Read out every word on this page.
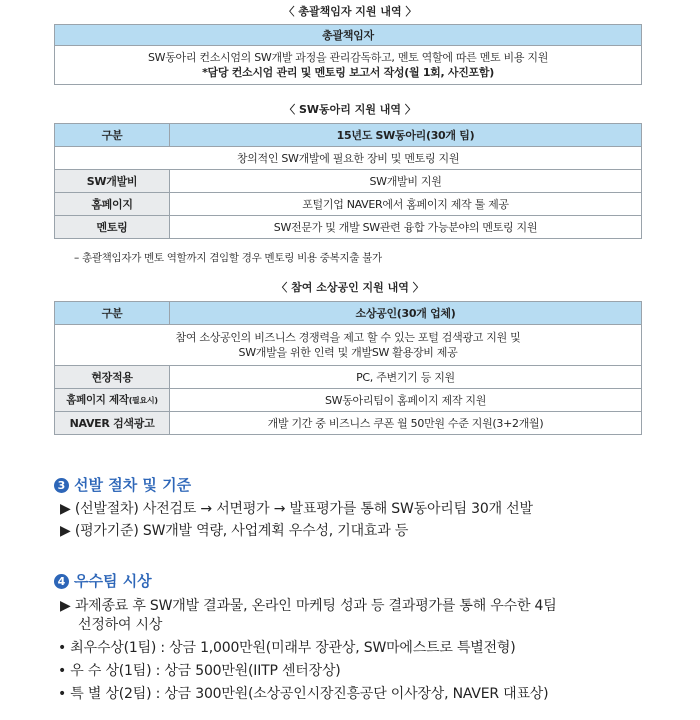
〈 총괄책임자 지원 내역 〉
총괄책임자

SW동아리 컨소시엄의 SW개발 과정을 관리감독하고, 멘토 역할에 따른 멘토 비용 지원
*담당 컨소시엄 관리 및 멘토링 보고서 작성(월 1회, 사진포함)
〈 SW동아리 지원 내역 〉
구분	15년도 SW동아리(30개 팀)
창의적인 SW개발에 필요한 장비 및 멘토링 지원	
SW개발비	SW개발비 지원
홈페이지	포털기업 NAVER에서 홈페이지 제작 툴 제공
멘토링	SW전문가 및 개발 SW관련 융합 가능분야의 멘토링 지원
– 총괄책임자가 멘토 역할까지 겸임할 경우 멘토링 비용 중복지출 불가
〈 참여 소상공인 지원 내역 〉
구분	소상공인(30개 업체)

참여 소상공인의 비즈니스 경쟁력을 제고 할 수 있는 포털 검색광고 지원 및
SW개발을 위한 인력 및 개발SW 활용장비 제공	

현장적용	PC, 주변기기 등 지원
홈페이지 제작(필요시)	SW동아리팀이 홈페이지 제작 지원
NAVER 검색광고	개발 기간 중 비즈니스 쿠폰 월 50만원 수준 지원(3+2개월)
3 선발 절차 및 기준
▶ (선발절차) 사전검토 → 서면평가 → 발표평가를 통해 SW동아리팀 30개 선발
▶ (평가기준) SW개발 역량, 사업계획 우수성, 기대효과 등
4 우수팀 시상
▶ 과제종료 후 SW개발 결과물, 온라인 마케팅 성과 등 결과평가를 통해 우수한 4팀
선정하여 시상
• 최우수상(1팀) : 상금 1,000만원(미래부 장관상, SW마에스트로 특별전형)
• 우 수 상(1팀) : 상금 500만원(IITP 센터장상)
• 특 별 상(2팀) : 상금 300만원(소상공인시장진흥공단 이사장상, NAVER 대표상)
